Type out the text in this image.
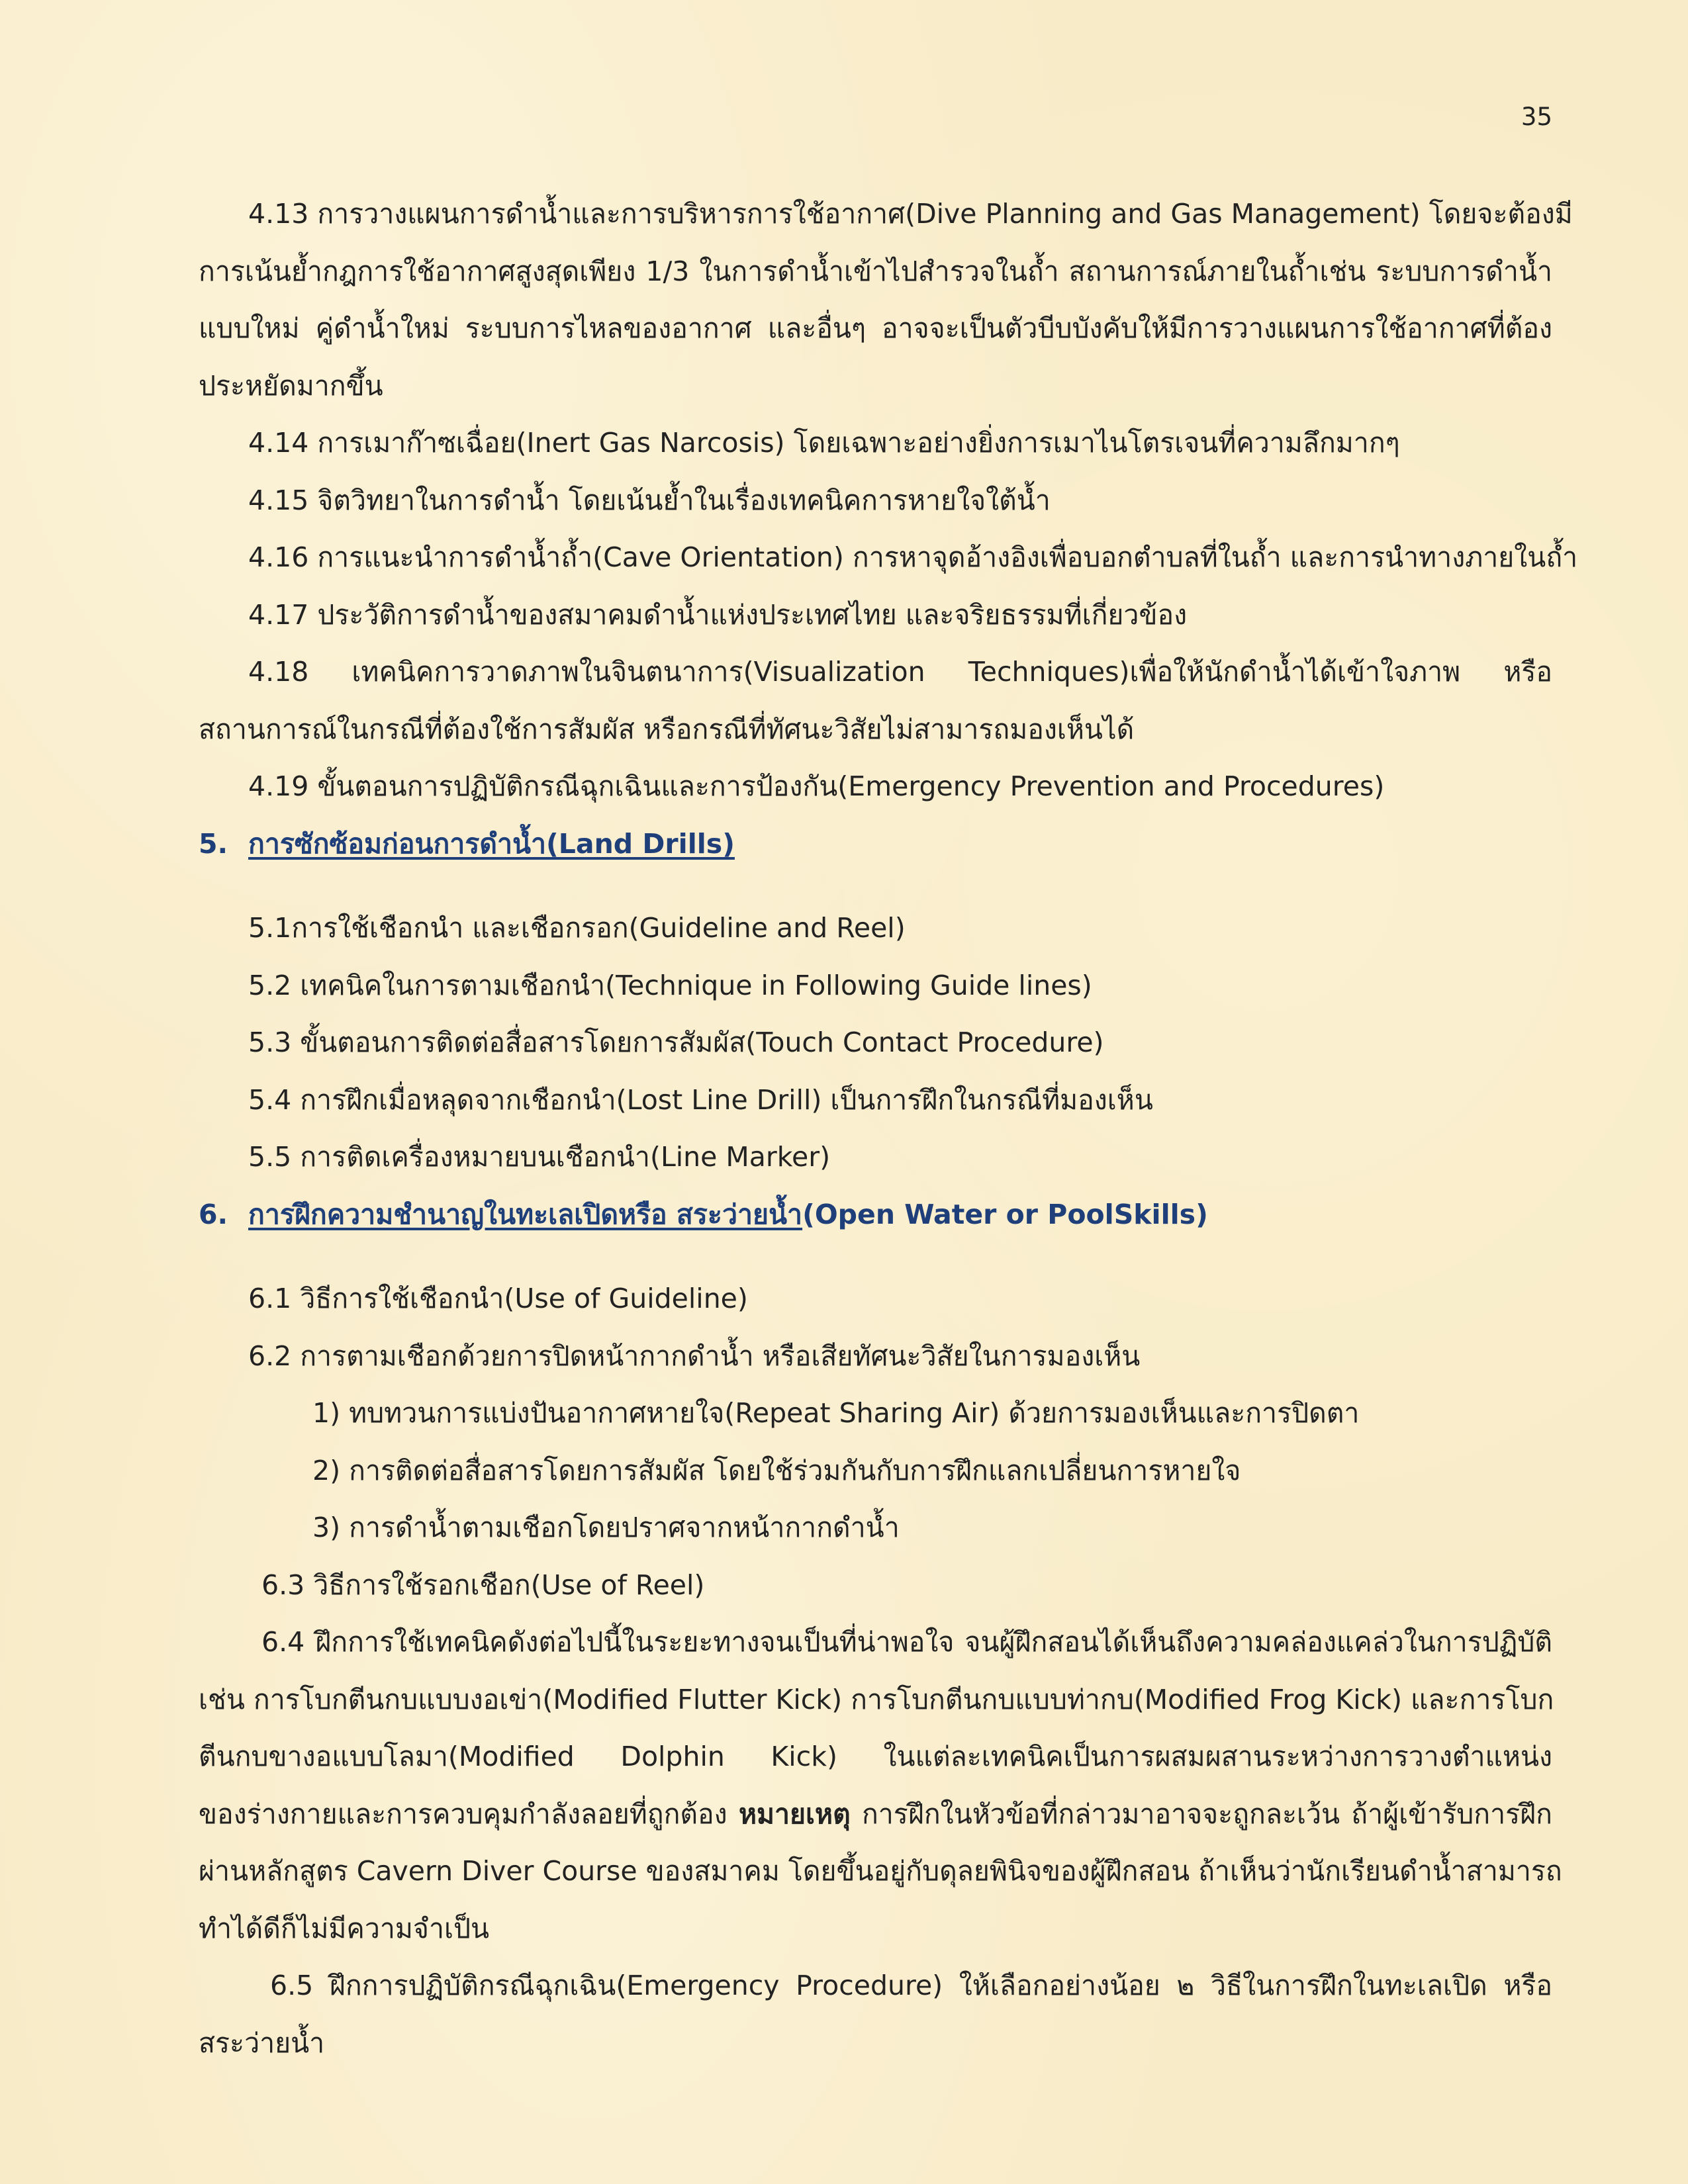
35
4.13 การวางแผนการดำน้ำและการบริหารการใช้อากาศ(Dive Planning and Gas Management) โดยจะต้องมี
การเน้นย้ำกฎการใช้อากาศสูงสุดเพียง 1/3 ในการดำน้ำเข้าไปสำรวจในถ้ำ สถานการณ์ภายในถ้ำเช่น ระบบการดำน้ำ
แบบใหม่ คู่ดำน้ำใหม่ ระบบการไหลของอากาศ และอื่นๆ อาจจะเป็นตัวบีบบังคับให้มีการวางแผนการใช้อากาศที่ต้อง
ประหยัดมากขึ้น
4.14 การเมาก๊าซเฉื่อย(Inert Gas Narcosis) โดยเฉพาะอย่างยิ่งการเมาไนโตรเจนที่ความลึกมากๆ
4.15 จิตวิทยาในการดำน้ำ โดยเน้นย้ำในเรื่องเทคนิคการหายใจใต้น้ำ
4.16 การแนะนำการดำน้ำถ้ำ(Cave Orientation) การหาจุดอ้างอิงเพื่อบอกตำบลที่ในถ้ำ และการนำทางภายในถ้ำ
4.17 ประวัติการดำน้ำของสมาคมดำน้ำแห่งประเทศไทย และจริยธรรมที่เกี่ยวข้อง
4.18 เทคนิคการวาดภาพในจินตนาการ(Visualization Techniques)เพื่อให้นักดำน้ำได้เข้าใจภาพ หรือ
สถานการณ์ในกรณีที่ต้องใช้การสัมผัส หรือกรณีที่ทัศนะวิสัยไม่สามารถมองเห็นได้
4.19 ขั้นตอนการปฏิบัติกรณีฉุกเฉินและการป้องกัน(Emergency Prevention and Procedures)
5. การซักซ้อมก่อนการดำน้ำ(Land Drills)
5.1การใช้เชือกนำ และเชือกรอก(Guideline and Reel)
5.2 เทคนิคในการตามเชือกนำ(Technique in Following Guide lines)
5.3 ขั้นตอนการติดต่อสื่อสารโดยการสัมผัส(Touch Contact Procedure)
5.4 การฝึกเมื่อหลุดจากเชือกนำ(Lost Line Drill) เป็นการฝึกในกรณีที่มองเห็น
5.5 การติดเครื่องหมายบนเชือกนำ(Line Marker)
6. การฝึกความชำนาญในทะเลเปิดหรือ สระว่ายน้ำ(Open Water or PoolSkills)
6.1 วิธีการใช้เชือกนำ(Use of Guideline)
6.2 การตามเชือกด้วยการปิดหน้ากากดำน้ำ หรือเสียทัศนะวิสัยในการมองเห็น
1) ทบทวนการแบ่งปันอากาศหายใจ(Repeat Sharing Air) ด้วยการมองเห็นและการปิดตา
2) การติดต่อสื่อสารโดยการสัมผัส โดยใช้ร่วมกันกับการฝึกแลกเปลี่ยนการหายใจ
3) การดำน้ำตามเชือกโดยปราศจากหน้ากากดำน้ำ
6.3 วิธีการใช้รอกเชือก(Use of Reel)
6.4 ฝึกการใช้เทคนิคดังต่อไปนี้ในระยะทางจนเป็นที่น่าพอใจ จนผู้ฝึกสอนได้เห็นถึงความคล่องแคล่วในการปฏิบัติ
เช่น การโบกตีนกบแบบงอเข่า(Modified Flutter Kick) การโบกตีนกบแบบท่ากบ(Modified Frog Kick) และการโบก
ตีนกบขางอแบบโลมา(Modified Dolphin Kick) ในแต่ละเทคนิคเป็นการผสมผสานระหว่างการวางตำแหน่ง
ของร่างกายและการควบคุมกำลังลอยที่ถูกต้อง หมายเหตุ การฝึกในหัวข้อที่กล่าวมาอาจจะถูกละเว้น ถ้าผู้เข้ารับการฝึก
ผ่านหลักสูตร Cavern Diver Course ของสมาคม โดยขึ้นอยู่กับดุลยพินิจของผู้ฝึกสอน ถ้าเห็นว่านักเรียนดำน้ำสามารถ
ทำได้ดีก็ไม่มีความจำเป็น
6.5 ฝึกการปฏิบัติกรณีฉุกเฉิน(Emergency Procedure) ให้เลือกอย่างน้อย ๒ วิธีในการฝึกในทะเลเปิด หรือ
สระว่ายน้ำ
